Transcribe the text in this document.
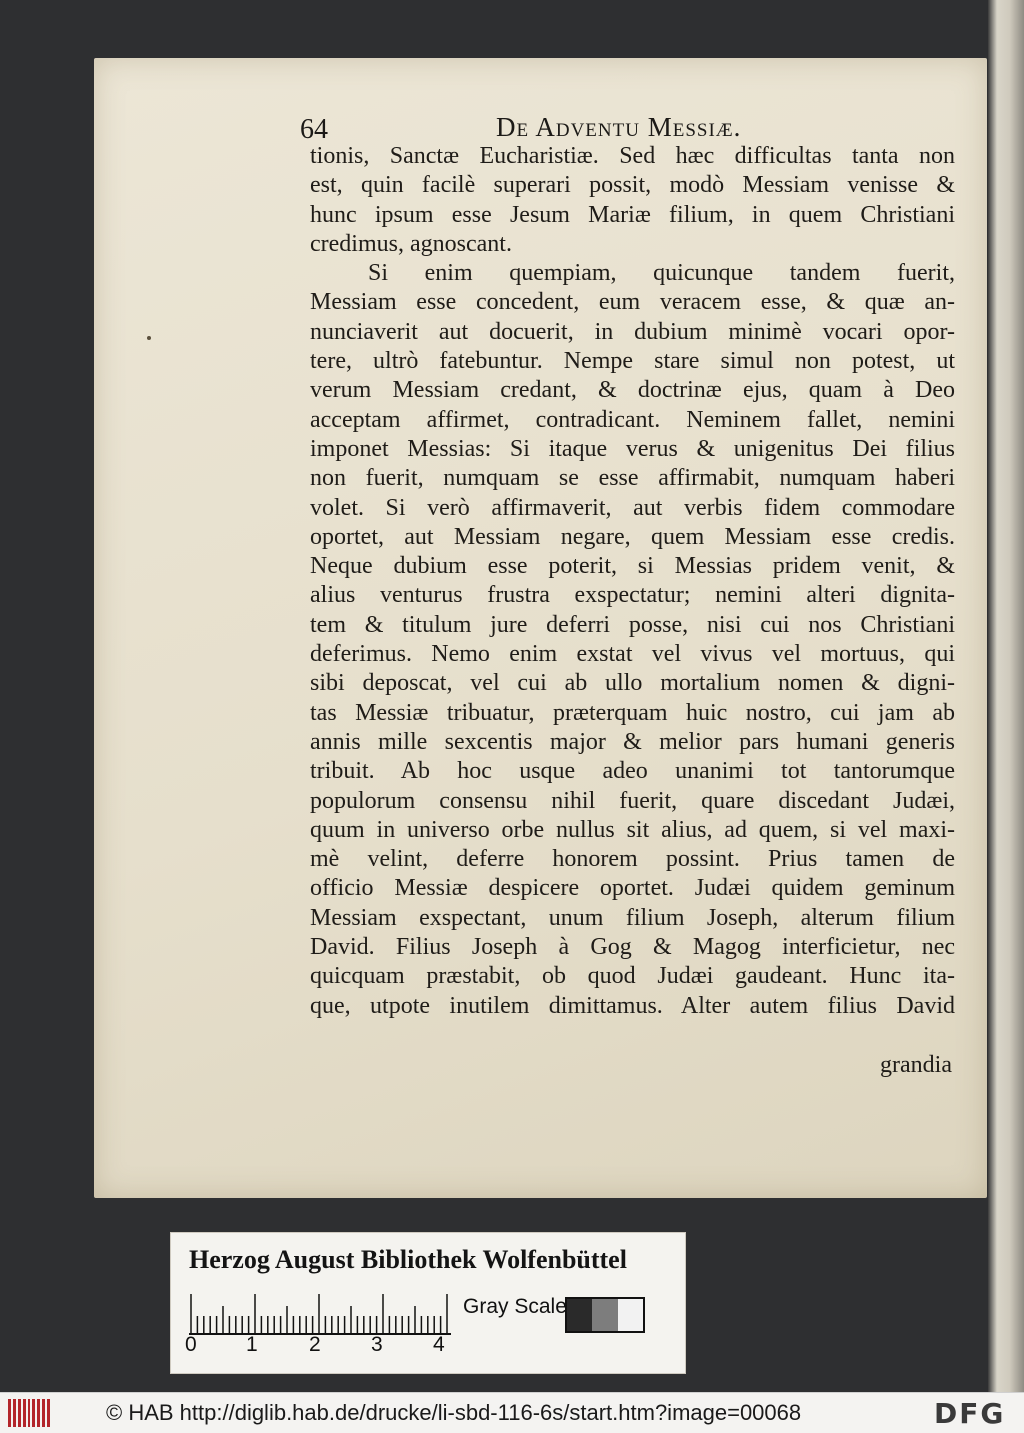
64	De Adventu Messiæ.
tionis, Sanctæ Eucharistiæ. Sed hæc difficultas tanta non
est, quin facilè superari possit, modò Messiam venisse &
hunc ipsum esse Jesum Mariæ filium, in quem Christiani
credimus, agnoscant.
Si enim quempiam, quicunque tandem fuerit,
Messiam esse concedent, eum veracem esse, & quæ an-
nunciaverit aut docuerit, in dubium minimè vocari opor-
tere, ultrò fatebuntur. Nempe stare simul non potest, ut
verum Messiam credant, & doctrinæ ejus, quam à Deo
acceptam affirmet, contradicant. Neminem fallet, nemini
imponet Messias: Si itaque verus & unigenitus Dei filius
non fuerit, numquam se esse affirmabit, numquam haberi
volet. Si verò affirmaverit, aut verbis fidem commodare
oportet, aut Messiam negare, quem Messiam esse credis.
Neque dubium esse poterit, si Messias pridem venit, &
alius venturus frustra exspectatur; nemini alteri dignita-
tem & titulum jure deferri posse, nisi cui nos Christiani
deferimus. Nemo enim exstat vel vivus vel mortuus, qui
sibi deposcat, vel cui ab ullo mortalium nomen & digni-
tas Messiæ tribuatur, præterquam huic nostro, cui jam ab
annis mille sexcentis major & melior pars humani generis
tribuit. Ab hoc usque adeo unanimi tot tantorumque
populorum consensu nihil fuerit, quare discedant Judæi,
quum in universo orbe nullus sit alius, ad quem, si vel maxi-
mè velint, deferre honorem possint. Prius tamen de
officio Messiæ despicere oportet. Judæi quidem geminum
Messiam exspectant, unum filium Joseph, alterum filium
David. Filius Joseph à Gog & Magog interficietur, nec
quicquam præstabit, ob quod Judæi gaudeant. Hunc ita-
que, utpote inutilem dimittamus. Alter autem filius David
grandia
Herzog August Bibliothek Wolfenbüttel
0 1 2 3 4
Gray Scale
© HAB http://diglib.hab.de/drucke/li-sbd-116-6s/start.htm?image=00068	DFG
